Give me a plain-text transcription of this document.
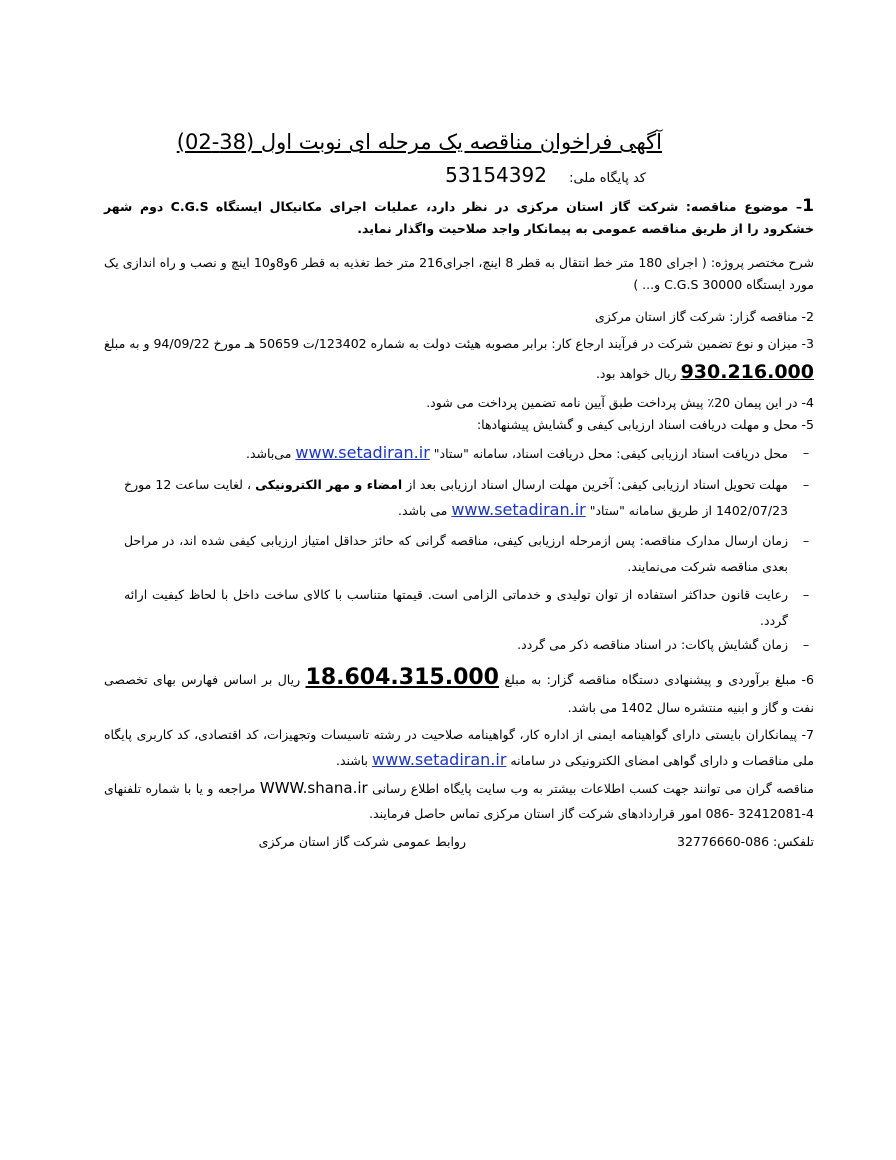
آگهی فراخوان مناقصه یک مرحله ای نوبت اول (38-02)
کد پایگاه ملی: 53154392
1– موضوع مناقصه: شرکت گاز استان مرکزی در نظر دارد، عملیات اجرای مکانیکال ایستگاه C.G.S دوم شهر خشکرود را از طریق مناقصه عمومی به پیمانکار واجد صلاحیت واگذار نماید.
شرح مختصر پروژه: ( اجرای 180 متر خط انتقال به قطر 8 اینچ، اجرای216 متر خط تغذیه به قطر 6و8و10 اینچ و نصب و راه اندازی یک مورد ایستگاه C.G.S 30000 و... )
2- مناقصه گزار: شرکت گاز استان مرکزی
3- میزان و نوع تضمین شرکت در فرآیند ارجاع کار: برابر مصوبه هیئت دولت به شماره 123402/ت 50659 هـ مورخ 94/09/22 و به مبلغ 930.216.000 ریال خواهد بود.
4- در این پیمان 20٪ پیش پرداخت طبق آیین نامه تضمین پرداخت می شود.
5- محل و مهلت دریافت اسناد ارزیابی کیفی و گشایش پیشنهادها:
–
محل دریافت اسناد ارزیابی کیفی: محل دریافت اسناد، سامانه "ستاد" www.setadiran.ir می‌باشد.
–
مهلت تحویل اسناد ارزیابی کیفی: آخرین مهلت ارسال اسناد ارزیابی بعد از امضاء و مهر الکترونیکی ، لغایت ساعت 12 مورخ 1402/07/23 از طریق سامانه "ستاد" www.setadiran.ir می باشد.
–
زمان ارسال مدارک مناقصه: پس ازمرحله ارزیابی کیفی، مناقصه گرانی که حائز حداقل امتیاز ارزیابی کیفی شده اند، در مراحل بعدی مناقصه شرکت می‌نمایند.
–
رعایت قانون حداکثر استفاده از توان تولیدی و خدماتی الزامی است. قیمتها متناسب با کالای ساخت داخل با لحاظ کیفیت ارائه گردد.
–
زمان گشایش پاکات: در اسناد مناقصه ذکر می گردد.
6- مبلغ برآوردی و پیشنهادی دستگاه مناقصه گزار: به مبلغ 18.604.315.000 ریال بر اساس فهارس بهای تخصصی نفت و گاز و ابنیه منتشره سال 1402 می باشد.
7- پیمانکاران بایستی دارای گواهینامه ایمنی از اداره کار، گواهینامه صلاحیت در رشته تاسیسات وتجهیزات، کد اقتصادی، کد کاربری پایگاه ملی مناقصات و دارای گواهی امضای الکترونیکی در سامانه www.setadiran.ir باشند.
مناقصه گران می توانند جهت کسب اطلاعات بیشتر به وب سایت پایگاه اطلاع رسانی WWW.shana.ir مراجعه و یا با شماره تلفنهای 4-32412081 -086 امور قراردادهای شرکت گاز استان مرکزی تماس حاصل فرمایند.
تلفکس: 086-32776660
روابط عمومی شرکت گاز استان مرکزی
